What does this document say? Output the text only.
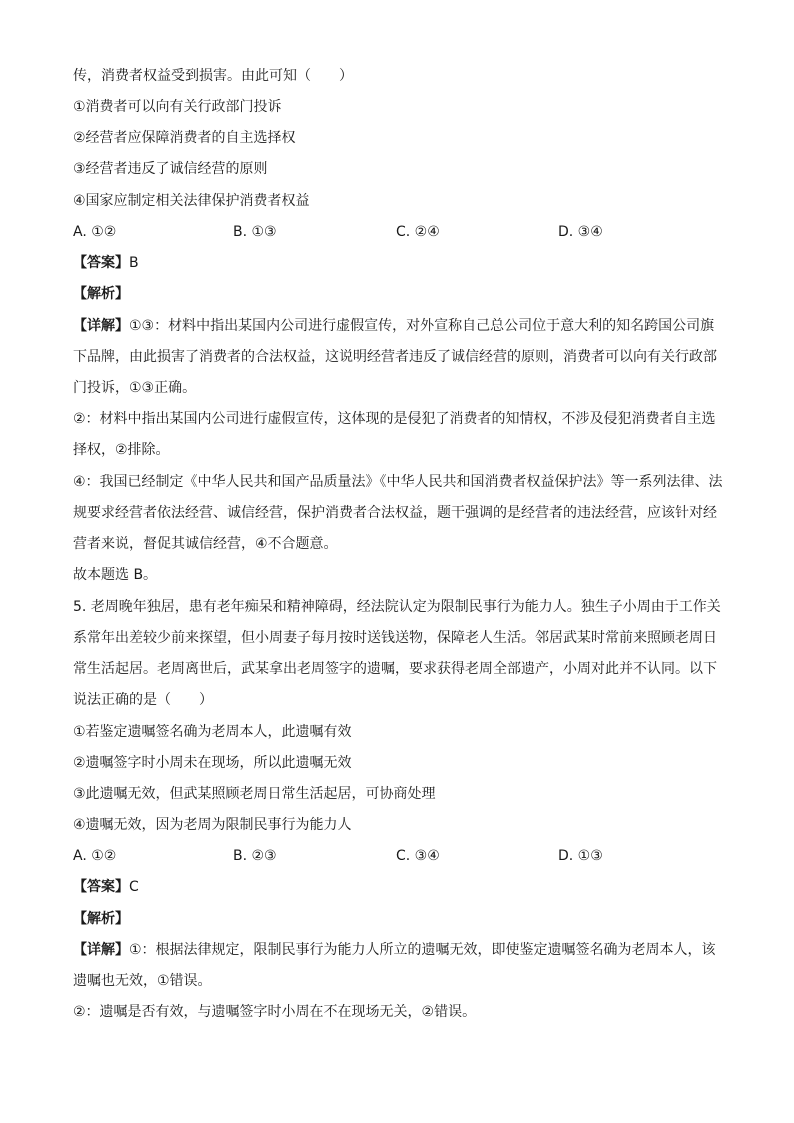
传，消费者权益受到损害。由此可知（　　）
①消费者可以向有关行政部门投诉
②经营者应保障消费者的自主选择权
③经营者违反了诚信经营的原则
④国家应制定相关法律保护消费者权益
A. ①②	B. ①③	C. ②④	D. ③④
【答案】B
【解析】
【详解】①③：材料中指出某国内公司进行虚假宣传，对外宣称自己总公司位于意大利的知名跨国公司旗
下品牌，由此损害了消费者的合法权益，这说明经营者违反了诚信经营的原则，消费者可以向有关行政部
门投诉，①③正确。
②：材料中指出某国内公司进行虚假宣传，这体现的是侵犯了消费者的知情权，不涉及侵犯消费者自主选
择权，②排除。
④：我国已经制定《中华人民共和国产品质量法》《中华人民共和国消费者权益保护法》等一系列法律、法
规要求经营者依法经营、诚信经营，保护消费者合法权益，题干强调的是经营者的违法经营，应该针对经
营者来说，督促其诚信经营，④不合题意。
故本题选 B。
5. 老周晚年独居，患有老年痴呆和精神障碍，经法院认定为限制民事行为能力人。独生子小周由于工作关
系常年出差较少前来探望，但小周妻子每月按时送钱送物，保障老人生活。邻居武某时常前来照顾老周日
常生活起居。老周离世后，武某拿出老周签字的遗嘱，要求获得老周全部遗产，小周对此并不认同。以下
说法正确的是（　　）
①若鉴定遗嘱签名确为老周本人，此遗嘱有效
②遗嘱签字时小周未在现场，所以此遗嘱无效
③此遗嘱无效，但武某照顾老周日常生活起居，可协商处理
④遗嘱无效，因为老周为限制民事行为能力人
A. ①②	B. ②③	C. ③④	D. ①③
【答案】C
【解析】
【详解】①：根据法律规定，限制民事行为能力人所立的遗嘱无效，即使鉴定遗嘱签名确为老周本人，该
遗嘱也无效，①错误。
②：遗嘱是否有效，与遗嘱签字时小周在不在现场无关，②错误。
